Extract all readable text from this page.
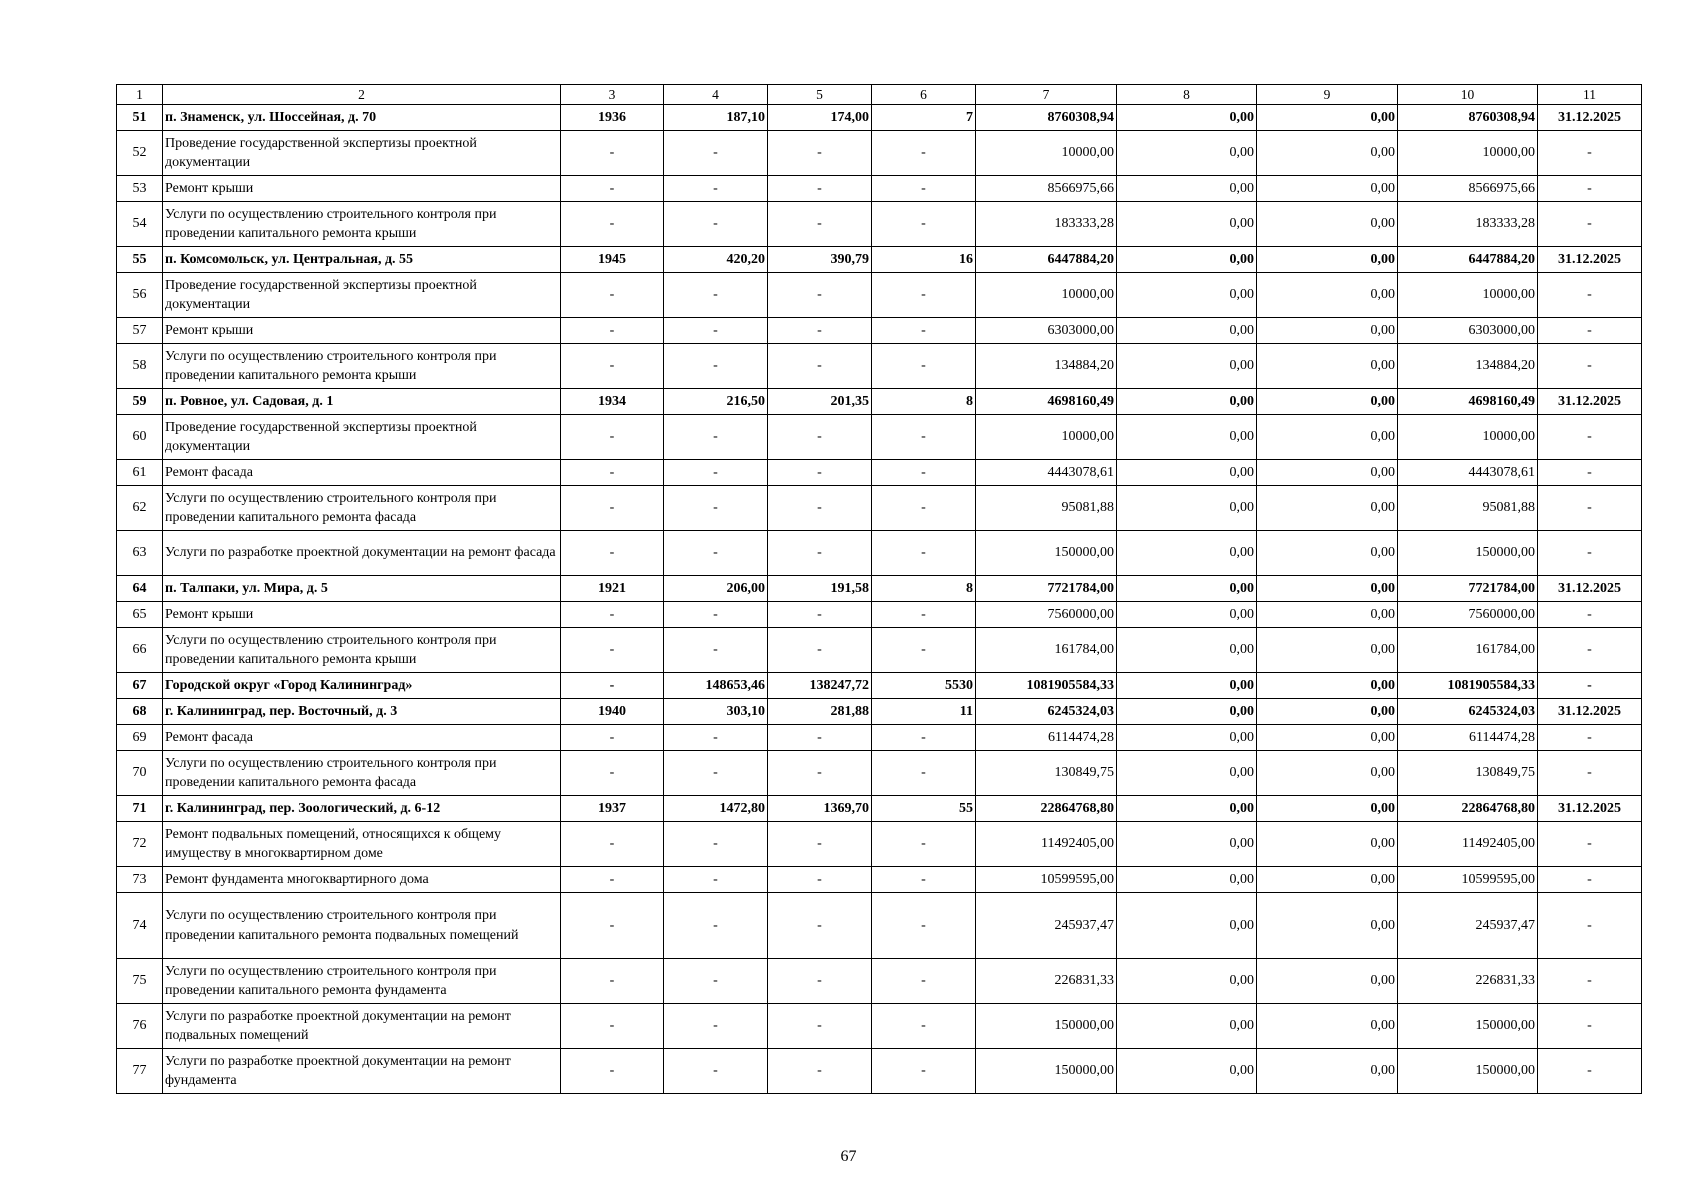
1	2	3	4	5	6	7	8	9	10	11
51	п. Знаменск, ул. Шоссейная, д. 70	1936	187,10	174,00	7	8760308,94	0,00	0,00	8760308,94	31.12.2025
52	Проведение государственной экспертизы проектной документации	-	-	-	-	10000,00	0,00	0,00	10000,00	-
53	Ремонт крыши	-	-	-	-	8566975,66	0,00	0,00	8566975,66	-
54	Услуги по осуществлению строительного контроля при проведении капитального ремонта крыши	-	-	-	-	183333,28	0,00	0,00	183333,28	-
55	п. Комсомольск, ул. Центральная, д. 55	1945	420,20	390,79	16	6447884,20	0,00	0,00	6447884,20	31.12.2025
56	Проведение государственной экспертизы проектной документации	-	-	-	-	10000,00	0,00	0,00	10000,00	-
57	Ремонт крыши	-	-	-	-	6303000,00	0,00	0,00	6303000,00	-
58	Услуги по осуществлению строительного контроля при проведении капитального ремонта крыши	-	-	-	-	134884,20	0,00	0,00	134884,20	-
59	п. Ровное, ул. Садовая, д. 1	1934	216,50	201,35	8	4698160,49	0,00	0,00	4698160,49	31.12.2025
60	Проведение государственной экспертизы проектной документации	-	-	-	-	10000,00	0,00	0,00	10000,00	-
61	Ремонт фасада	-	-	-	-	4443078,61	0,00	0,00	4443078,61	-
62	Услуги по осуществлению строительного контроля при проведении капитального ремонта фасада	-	-	-	-	95081,88	0,00	0,00	95081,88	-
63	Услуги по разработке проектной документации на ремонт фасада	-	-	-	-	150000,00	0,00	0,00	150000,00	-
64	п. Талпаки, ул. Мира, д. 5	1921	206,00	191,58	8	7721784,00	0,00	0,00	7721784,00	31.12.2025
65	Ремонт крыши	-	-	-	-	7560000,00	0,00	0,00	7560000,00	-
66	Услуги по осуществлению строительного контроля при проведении капитального ремонта крыши	-	-	-	-	161784,00	0,00	0,00	161784,00	-
67	Городской округ «Город Калининград»	-	148653,46	138247,72	5530	1081905584,33	0,00	0,00	1081905584,33	-
68	г. Калининград, пер. Восточный, д. 3	1940	303,10	281,88	11	6245324,03	0,00	0,00	6245324,03	31.12.2025
69	Ремонт фасада	-	-	-	-	6114474,28	0,00	0,00	6114474,28	-
70	Услуги по осуществлению строительного контроля при проведении капитального ремонта фасада	-	-	-	-	130849,75	0,00	0,00	130849,75	-
71	г. Калининград, пер. Зоологический, д. 6-12	1937	1472,80	1369,70	55	22864768,80	0,00	0,00	22864768,80	31.12.2025
72	Ремонт подвальных помещений, относящихся к общему имуществу в многоквартирном доме	-	-	-	-	11492405,00	0,00	0,00	11492405,00	-
73	Ремонт фундамента многоквартирного дома	-	-	-	-	10599595,00	0,00	0,00	10599595,00	-
74	Услуги по осуществлению строительного контроля при проведении капитального ремонта подвальных помещений	-	-	-	-	245937,47	0,00	0,00	245937,47	-
75	Услуги по осуществлению строительного контроля при проведении капитального ремонта фундамента	-	-	-	-	226831,33	0,00	0,00	226831,33	-
76	Услуги по разработке проектной документации на ремонт подвальных помещений	-	-	-	-	150000,00	0,00	0,00	150000,00	-
77	Услуги по разработке проектной документации на ремонт фундамента	-	-	-	-	150000,00	0,00	0,00	150000,00	-
67
